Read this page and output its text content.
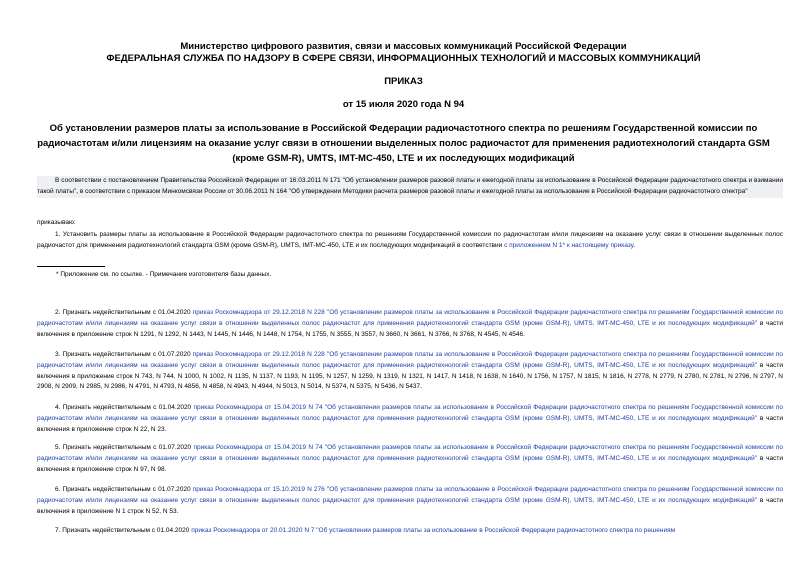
Министерство цифрового развития, связи и массовых коммуникаций Российской Федерации
ФЕДЕРАЛЬНАЯ СЛУЖБА ПО НАДЗОРУ В СФЕРЕ СВЯЗИ, ИНФОРМАЦИОННЫХ ТЕХНОЛОГИЙ И МАССОВЫХ КОММУНИКАЦИЙ
ПРИКАЗ
от 15 июля 2020 года N 94
Об установлении размеров платы за использование в Российской Федерации радиочастотного спектра по решениям Государственной комиссии по радиочастотам и/или лицензиям на оказание услуг связи в отношении выделенных полос радиочастот для применения радиотехнологий стандарта GSM (кроме GSM-R), UMTS, IMT-MC-450, LTE и их последующих модификаций
В соответствии с постановлением Правительства Российской Федерации от 16.03.2011 N 171 "Об установлении размеров разовой платы и ежегодной платы за использование в Российской Федерации радиочастотного спектра и взимании такой платы", в соответствии с приказом Минкомсвязи России от 30.06.2011 N 164 "Об утверждении Методики расчета размеров разовой платы и ежегодной платы за использование в Российской Федерации радиочастотного спектра"
приказываю:
1. Установить размеры платы за использование в Российской Федерации радиочастотного спектра по решениям Государственной комиссии по радиочастотам и/или лицензиям на оказание услуг связи в отношении выделенных полос радиочастот для применения радиотехнологий стандарта GSM (кроме GSM-R), UMTS, IMT-MC-450, LTE и их последующих модификаций в соответствии с приложением N 1* к настоящему приказу.
* Приложение см. по ссылке. - Примечание изготовителя базы данных.
2. Признать недействительным с 01.04.2020 приказ Роскомнадзора от 29.12.2018 N 228 "Об установлении размеров платы за использование в Российской Федерации радиочастотного спектра по решениям Государственной комиссии по радиочастотам и/или лицензиям на оказание услуг связи в отношении выделенных полос радиочастот для применения радиотехнологий стандарта GSM (кроме GSM-R), UMTS, IMT-MC-450, LTE и их последующих модификаций" в части включения в приложение строк N 1291, N 1292, N 1443, N 1445, N 1446, N 1448, N 1754, N 1755, N 3555, N 3557, N 3660, N 3661, N 3766, N 3768, N 4545, N 4546.
3. Признать недействительным с 01.07.2020 приказ Роскомнадзора от 29.12.2018 N 228 "Об установлении размеров платы за использование в Российской Федерации радиочастотного спектра по решениям Государственной комиссии по радиочастотам и/или лицензиям на оказание услуг связи в отношении выделенных полос радиочастот для применения радиотехнологий стандарта GSM (кроме GSM-R), UMTS, IMT-MC-450, LTE и их последующих модификаций" в части включения в приложение строк N 743, N 744, N 1000, N 1002, N 1135, N 1137, N 1193, N 1195, N 1257, N 1259, N 1319, N 1321, N 1417, N 1418, N 1638, N 1640, N 1756, N 1757, N 1815, N 1816, N 2778, N 2779, N 2780, N 2781, N 2796, N 2797, N 2908, N 2909, N 2985, N 2986, N 4791, N 4793, N 4856, N 4858, N 4943, N 4944, N 5013, N 5014, N 5374, N 5375, N 5436, N 5437.
4. Признать недействительным с 01.04.2020 приказ Роскомнадзора от 15.04.2019 N 74 "Об установлении размеров платы за использование в Российской Федерации радиочастотного спектра по решениям Государственной комиссии по радиочастотам и/или лицензиям на оказание услуг связи в отношении выделенных полос радиочастот для применения радиотехнологий стандарта GSM (кроме GSM-R), UMTS, IMT-MC-450, LTE и их последующих модификаций" в части включения в приложение строк N 22, N 23.
5. Признать недействительным с 01.07.2020 приказ Роскомнадзора от 15.04.2019 N 74 "Об установлении размеров платы за использование в Российской Федерации радиочастотного спектра по решениям Государственной комиссии по радиочастотам и/или лицензиям на оказание услуг связи в отношении выделенных полос радиочастот для применения радиотехнологий стандарта GSM (кроме GSM-R), UMTS, IMT-MC-450, LTE и их последующих модификаций" в части включения в приложение строк N 97, N 98.
6. Признать недействительным с 01.07.2020 приказ Роскомнадзора от 15.10.2019 N 276 "Об установлении размеров платы за использование в Российской Федерации радиочастотного спектра по решениям Государственной комиссии по радиочастотам и/или лицензиям на оказание услуг связи в отношении выделенных полос радиочастот для применения радиотехнологий стандарта GSM (кроме GSM-R), UMTS, IMT-MC-450, LTE и их последующих модификаций" в части включения в приложение N 1 строк N 52, N 53.
7. Признать недействительным с 01.04.2020 приказ Роскомнадзора от 20.01.2020 N 7 "Об установлении размеров платы за использование в Российской Федерации радиочастотного спектра по решениям
